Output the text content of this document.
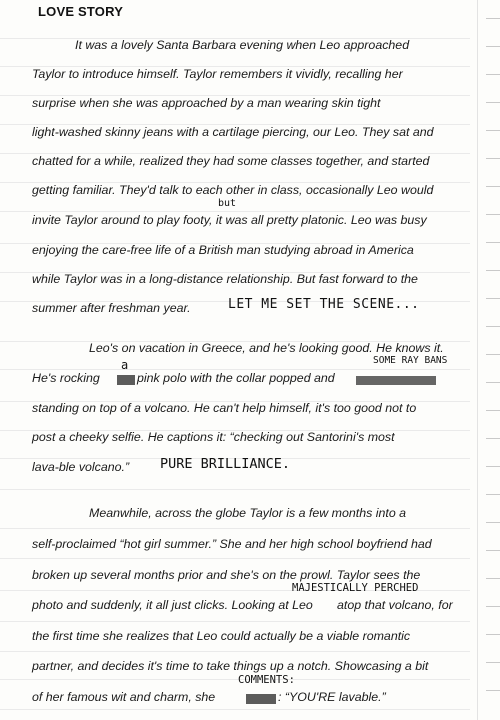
LOVE STORY
It was a lovely Santa Barbara evening when Leo approached
Taylor to introduce himself. Taylor remembers it vividly, recalling her
surprise when she was approached by a man wearing skin tight
light-washed skinny jeans with a cartilage piercing, our Leo. They sat and
chatted for a while, realized they had some classes together, and started
getting familiar. They'd talk to each other in class, occasionally Leo would
but
invite Taylor around to play footy, it was all pretty platonic. Leo was busy
enjoying the care-free life of a British man studying abroad in America
while Taylor was in a long-distance relationship. But fast forward to the
summer after freshman year.	LET ME SET THE SCENE...
Leo's on vacation in Greece, and he's looking good. He knows it.
SOME RAY BANS
a
He's rocking	pink polo with the collar popped and
standing on top of a volcano. He can't help himself, it's too good not to
post a cheeky selfie. He captions it: “checking out Santorini's most
lava-ble volcano.” PURE BRILLIANCE.
Meanwhile, across the globe Taylor is a few months into a
self-proclaimed “hot girl summer.” She and her high school boyfriend had
broken up several months prior and she's on the prowl. Taylor sees the
MAJESTICALLY PERCHED
photo and suddenly, it all just clicks. Looking at Leo atop that volcano, for
the first time she realizes that Leo could actually be a viable romantic
partner, and decides it's time to take things up a notch. Showcasing a bit
COMMENTS:
of her famous wit and charm, she	: “YOU'RE lavable.”
